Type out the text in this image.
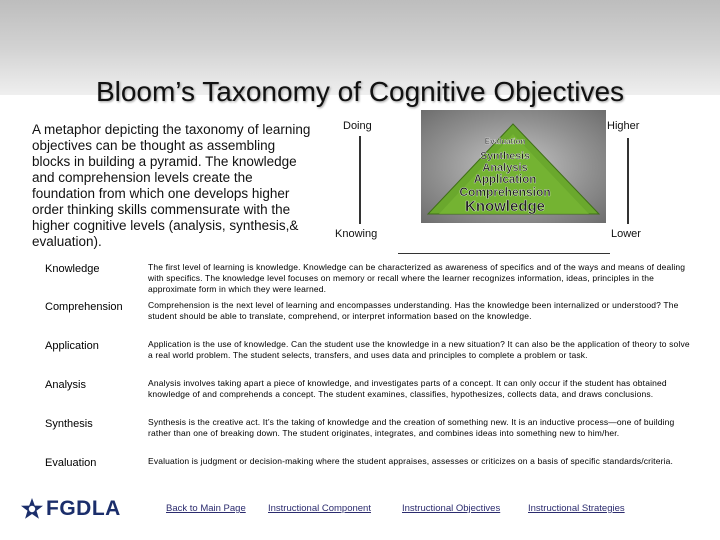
Bloom’s Taxonomy of Cognitive Objectives
A metaphor depicting the taxonomy of learning objectives can be thought as assembling blocks in building a pyramid. The knowledge and comprehension levels create the foundation from which one develops higher order thinking skills commensurate with the higher cognitive levels (analysis, synthesis,& evaluation).
Doing
Knowing
Evaluation
Synthesis
Analysis
Application
Comprehension
Knowledge
Higher
Lower
Knowledge	The first level of learning is knowledge. Knowledge can be characterized as awareness of specifics and of the ways and means of dealing with specifics. The knowledge level focuses on memory or recall where the learner recognizes information, ideas, principles in the approximate form in which they were learned.
Comprehension	Comprehension is the next level of learning and encompasses understanding. Has the knowledge been internalized or understood? The student should be able to translate, comprehend, or interpret information based on the knowledge.
Application	Application is the use of knowledge. Can the student use the knowledge in a new situation? It can also be the application of theory to solve a real world problem. The student selects, transfers, and uses data and principles to complete a problem or task.
Analysis	Analysis involves taking apart a piece of knowledge, and investigates parts of a concept. It can only occur if the student has obtained knowledge of and comprehends a concept. The student examines, classifies, hypothesizes, collects data, and draws conclusions.
Synthesis	Synthesis is the creative act. It’s the taking of knowledge and the creation of something new. It is an inductive process—one of building rather than one of breaking down. The student originates, integrates, and combines ideas into something new to him/her.
Evaluation	Evaluation is judgment or decision-making where the student appraises, assesses or criticizes on a basis of specific standards/criteria.
FGDLA	Back to Main Page Instructional Component	Instructional Objectives	Instructional Strategies
